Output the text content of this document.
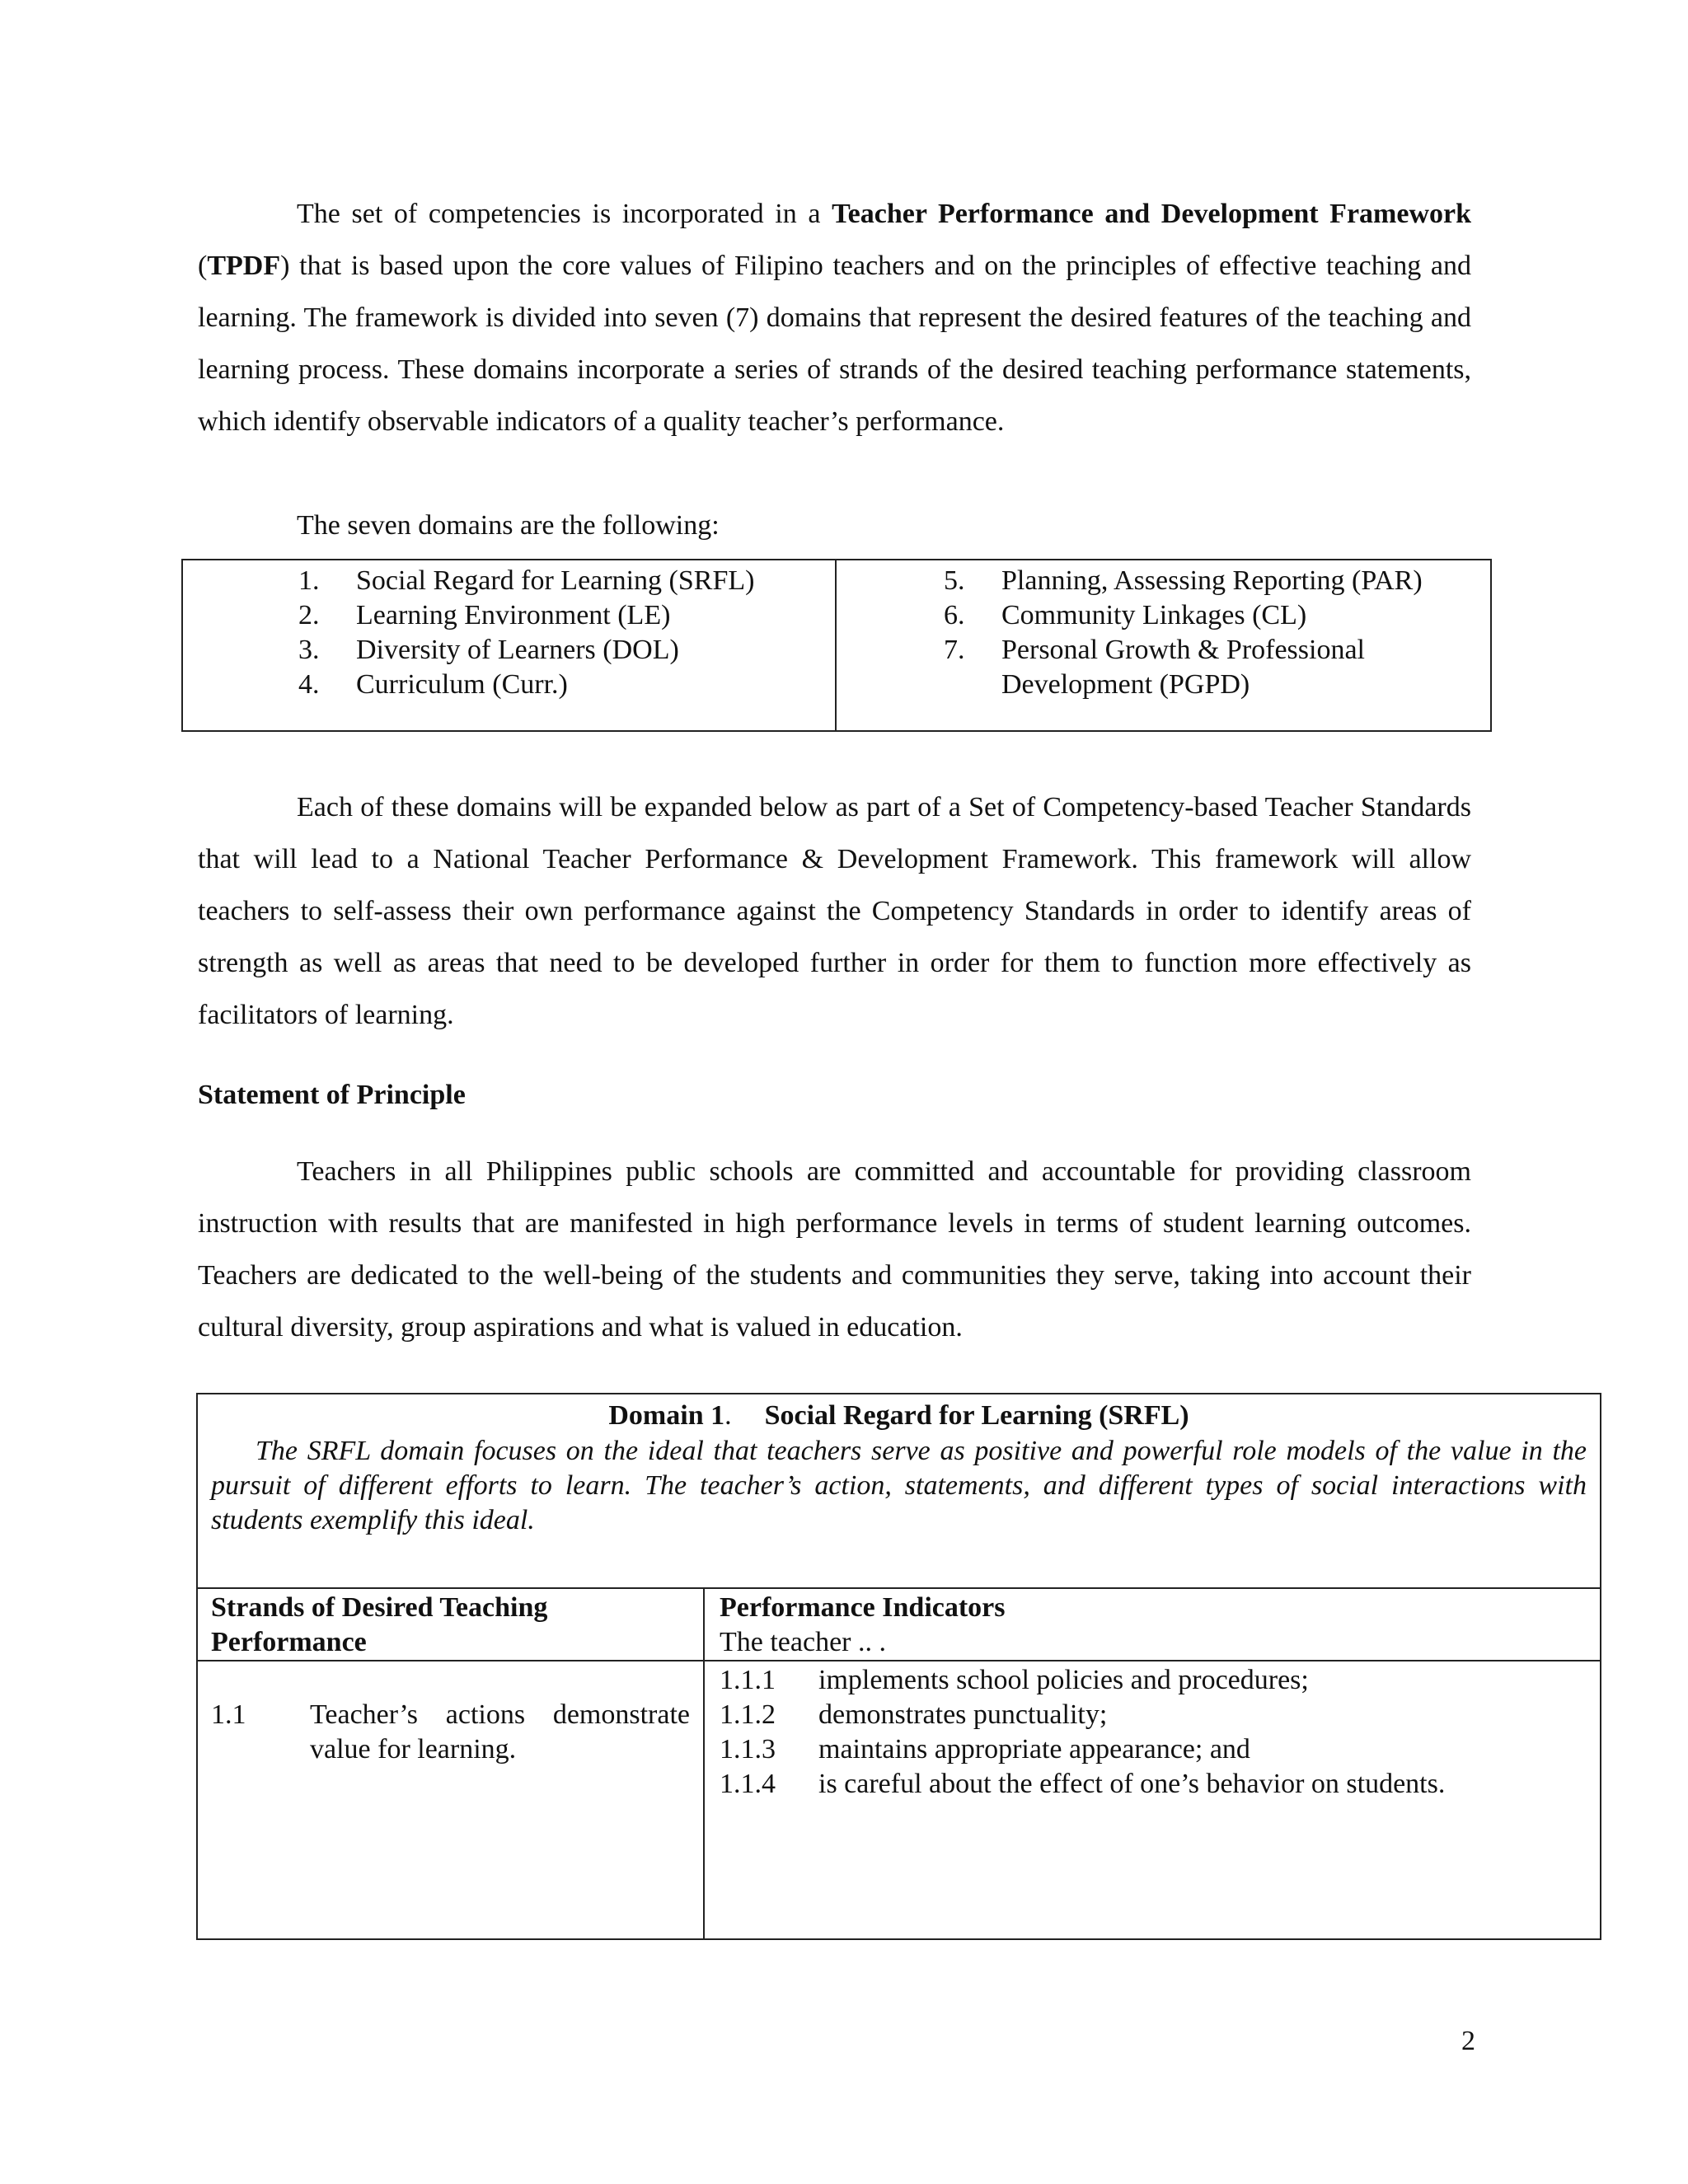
The set of competencies is incorporated in a Teacher Performance and Development Framework (TPDF) that is based upon the core values of Filipino teachers and on the principles of effective teaching and learning. The framework is divided into seven (7) domains that represent the desired features of the teaching and learning process. These domains incorporate a series of strands of the desired teaching performance statements, which identify observable indicators of a quality teacher’s performance.

The seven domains are the following:

1.	Social Regard for Learning (SRFL)
2.	Learning Environment (LE)
3.	Diversity of Learners (DOL)
4.	Curriculum (Curr.)
5.	Planning, Assessing Reporting (PAR)
6.	Community Linkages (CL)
7.	Personal Growth & Professional Development (PGPD)

Each of these domains will be expanded below as part of a Set of Competency-based Teacher Standards that will lead to a National Teacher Performance & Development Framework. This framework will allow teachers to self-assess their own performance against the Competency Standards in order to identify areas of strength as well as areas that need to be developed further in order for them to function more effectively as facilitators of learning.

Statement of Principle

Teachers in all Philippines public schools are committed and accountable for providing classroom instruction with results that are manifested in high performance levels in terms of student learning outcomes. Teachers are dedicated to the well-being of the students and communities they serve, taking into account their cultural diversity, group aspirations and what is valued in education.

Domain 1. Social Regard for Learning (SRFL)
The SRFL domain focuses on the ideal that teachers serve as positive and powerful role models of the value in the pursuit of different efforts to learn. The teacher’s action, statements, and different types of social interactions with students exemplify this ideal.
Strands of Desired Teaching Performance
Performance Indicators
The teacher .. .
1.1	Teacher’s actions demonstrate value for learning.
1.1.1	implements school policies and procedures;
1.1.2	demonstrates punctuality;
1.1.3	maintains appropriate appearance; and
1.1.4	is careful about the effect of one’s behavior on students.
2
